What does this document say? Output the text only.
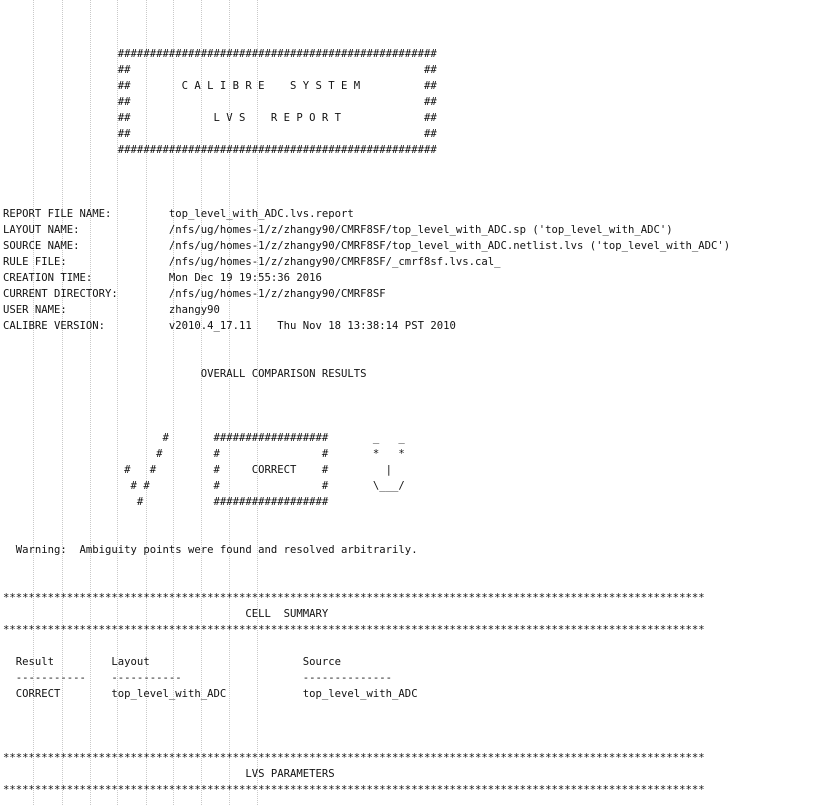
##################################################
##                                              ##
##        C A L I B R E    S Y S T E M          ##
##                                              ##
##             L V S    R E P O R T             ##
##                                              ##
##################################################
REPORT FILE NAME:         top_level_with_ADC.lvs.report
LAYOUT NAME:              /nfs/ug/homes-1/z/zhangy90/CMRF8SF/top_level_with_ADC.sp ('top_level_with_ADC')
SOURCE NAME:              /nfs/ug/homes-1/z/zhangy90/CMRF8SF/top_level_with_ADC.netlist.lvs ('top_level_with_ADC')
RULE FILE:                /nfs/ug/homes-1/z/zhangy90/CMRF8SF/_cmrf8sf.lvs.cal_
CREATION TIME:            Mon Dec 19 19:55:36 2016
CURRENT DIRECTORY:        /nfs/ug/homes-1/z/zhangy90/CMRF8SF
USER NAME:                zhangy90
CALIBRE VERSION:          v2010.4_17.11    Thu Nov 18 13:38:14 PST 2010
OVERALL COMPARISON RESULTS
#       ##################       _   _
#        #                #       *   *
#   #         #     CORRECT    #         |
# #          #                #       \___/
#           ##################
Warning:  Ambiguity points were found and resolved arbitrarily.
**************************************************************************************************************
CELL  SUMMARY
**************************************************************************************************************
Result         Layout                        Source
-----------    -----------                   --------------
CORRECT        top_level_with_ADC            top_level_with_ADC
**************************************************************************************************************
LVS PARAMETERS
**************************************************************************************************************
